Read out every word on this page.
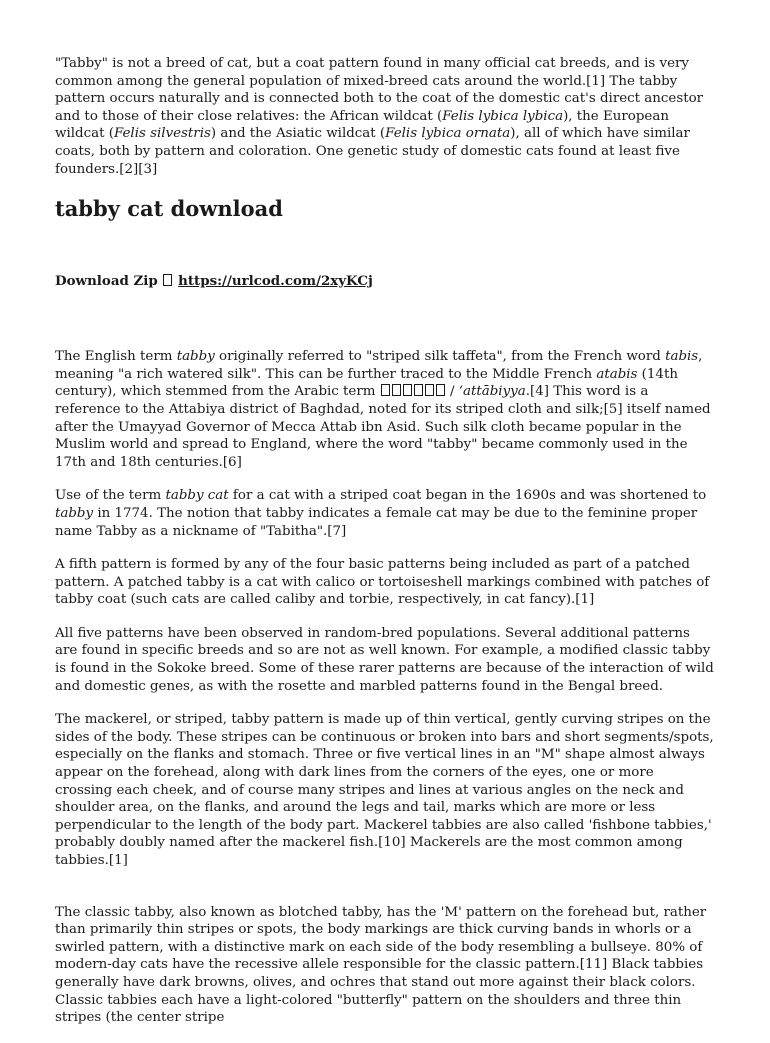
"Tabby" is not a breed of cat, but a coat pattern found in many official cat breeds, and is very common among the general population of mixed-breed cats around the world.[1] The tabby pattern occurs naturally and is connected both to the coat of the domestic cat's direct ancestor and to those of their close relatives: the African wildcat (Felis lybica lybica), the European wildcat (Felis silvestris) and the Asiatic wildcat (Felis lybica ornata), all of which have similar coats, both by pattern and coloration. One genetic study of domestic cats found at least five founders.[2][3]

tabby cat download
Download Zip https://urlcod.com/2xyKCj

The English term tabby originally referred to "striped silk taffeta", from the French word tabis, meaning "a rich watered silk". This can be further traced to the Middle French atabis (14th century), which stemmed from the Arabic term	/ ʻattābiyya.[4] This word is a reference to the Attabiya district of Baghdad, noted for its striped cloth and silk;[5] itself named after the Umayyad Governor of Mecca Attab ibn Asid. Such silk cloth became popular in the Muslim world and spread to England, where the word "tabby" became commonly used in the 17th and 18th centuries.[6]

Use of the term tabby cat for a cat with a striped coat began in the 1690s and was shortened to tabby in 1774. The notion that tabby indicates a female cat may be due to the feminine proper name Tabby as a nickname of "Tabitha".[7]

A fifth pattern is formed by any of the four basic patterns being included as part of a patched pattern. A patched tabby is a cat with calico or tortoiseshell markings combined with patches of tabby coat (such cats are called caliby and torbie, respectively, in cat fancy).[1]

All five patterns have been observed in random-bred populations. Several additional patterns are found in specific breeds and so are not as well known. For example, a modified classic tabby is found in the Sokoke breed. Some of these rarer patterns are because of the interaction of wild and domestic genes, as with the rosette and marbled patterns found in the Bengal breed.

The mackerel, or striped, tabby pattern is made up of thin vertical, gently curving stripes on the sides of the body. These stripes can be continuous or broken into bars and short segments/spots, especially on the flanks and stomach. Three or five vertical lines in an "M" shape almost always appear on the forehead, along with dark lines from the corners of the eyes, one or more crossing each cheek, and of course many stripes and lines at various angles on the neck and shoulder area, on the flanks, and around the legs and tail, marks which are more or less perpendicular to the length of the body part. Mackerel tabbies are also called 'fishbone tabbies,' probably doubly named after the mackerel fish.[10] Mackerels are the most common among tabbies.[1]

The classic tabby, also known as blotched tabby, has the 'M' pattern on the forehead but, rather than primarily thin stripes or spots, the body markings are thick curving bands in whorls or a swirled pattern, with a distinctive mark on each side of the body resembling a bullseye. 80% of modern-day cats have the recessive allele responsible for the classic pattern.[11] Black tabbies generally have dark browns, olives, and ochres that stand out more against their black colors. Classic tabbies each have a light-colored "butterfly" pattern on the shoulders and three thin stripes (the center stripe
